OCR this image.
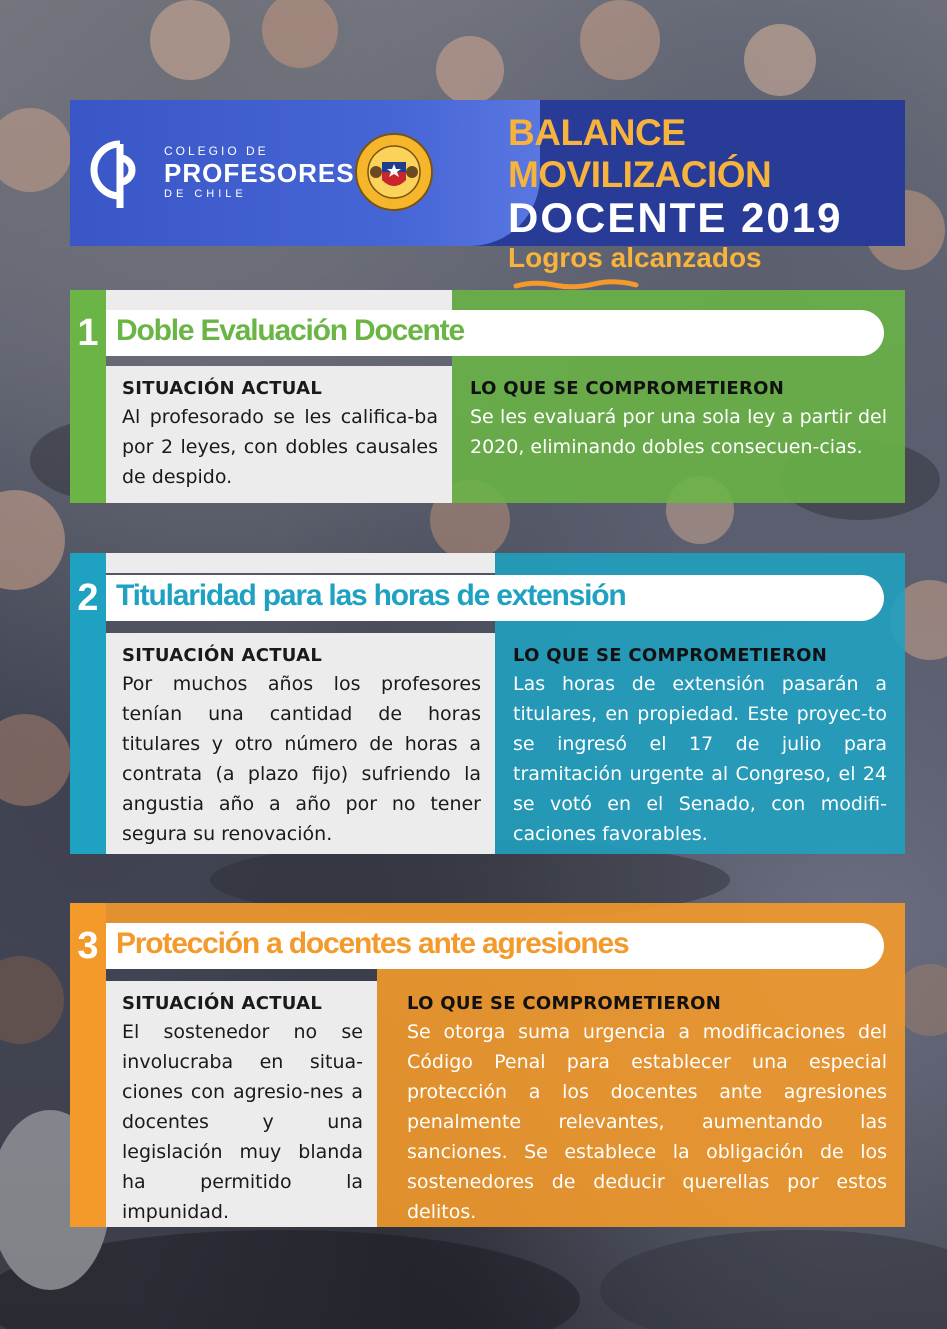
COLEGIO DE
PROFESORES
DE CHILE
BALANCE MOVILIZACIÓN
DOCENTE 2019
Logros alcanzados
1 Doble Evaluación Docente
SITUACIÓN ACTUAL
Al profesorado se les califica-ba por 2 leyes, con dobles causales de despido.
LO QUE SE COMPROMETIERON
Se les evaluará por una sola ley a partir del 2020, eliminando dobles consecuen-cias.
2 Titularidad para las horas de extensión
SITUACIÓN ACTUAL
Por muchos años los profesores tenían una cantidad de horas titulares y otro número de horas a contrata (a plazo fijo) sufriendo la angustia año a año por no tener segura su renovación.
LO QUE SE COMPROMETIERON
Las horas de extensión pasarán a titulares, en propiedad. Este proyec-to se ingresó el 17 de julio para tramitación urgente al Congreso, el 24 se votó en el Senado, con modifi-caciones favorables.
3 Protección a docentes ante agresiones
SITUACIÓN ACTUAL
El sostenedor no se involucraba en situa-ciones con agresio-nes a docentes y una legislación muy blanda ha permitido la impunidad.
LO QUE SE COMPROMETIERON
Se otorga suma urgencia a modificaciones del Código Penal para establecer una especial protección a los docentes ante agresiones penalmente relevantes, aumentando las sanciones. Se establece la obligación de los sostenedores de deducir querellas por estos delitos.
